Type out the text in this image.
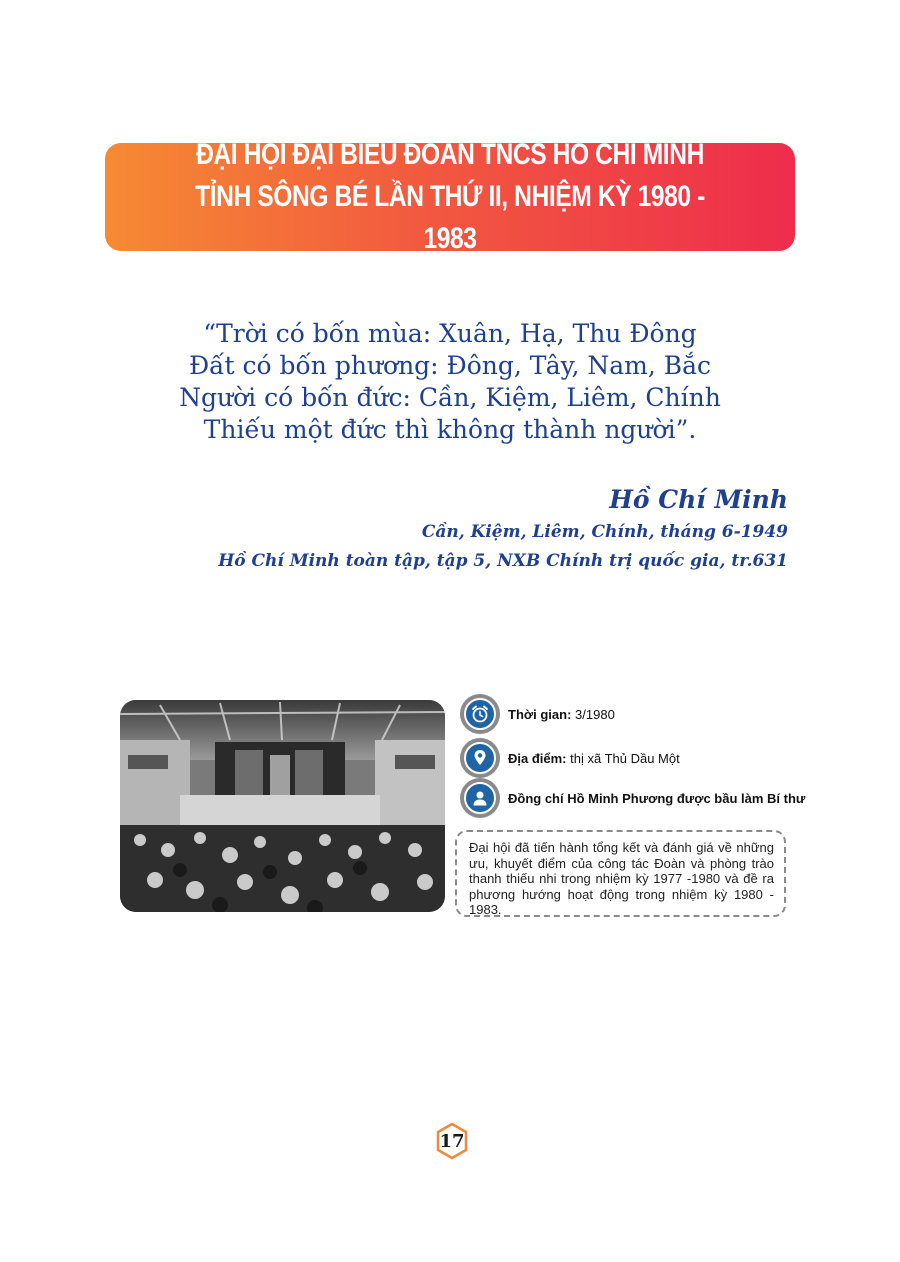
ĐẠI HỘI ĐẠI BIỂU ĐOÀN TNCS HỒ CHÍ MINH
TỈNH SÔNG BÉ LẦN THỨ II, NHIỆM KỲ 1980 - 1983
“Trời có bốn mùa: Xuân, Hạ, Thu Đông
Đất có bốn phương: Đông, Tây, Nam, Bắc
Người có bốn đức: Cần, Kiệm, Liêm, Chính
Thiếu một đức thì không thành người”.
Hồ Chí Minh
Cần, Kiệm, Liêm, Chính, tháng 6-1949
Hồ Chí Minh toàn tập, tập 5, NXB Chính trị quốc gia, tr.631
Thời gian: 3/1980
Địa điểm: thị xã Thủ Dầu Một
Đồng chí Hồ Minh Phương được bầu làm Bí thư
Đại hội đã tiến hành tổng kết và đánh giá về những ưu, khuyết điểm của công tác Đoàn và phòng trào thanh thiếu nhi trong nhiệm kỳ 1977 -1980 và đề ra phương hướng hoạt động trong nhiệm kỳ 1980 - 1983.
17
